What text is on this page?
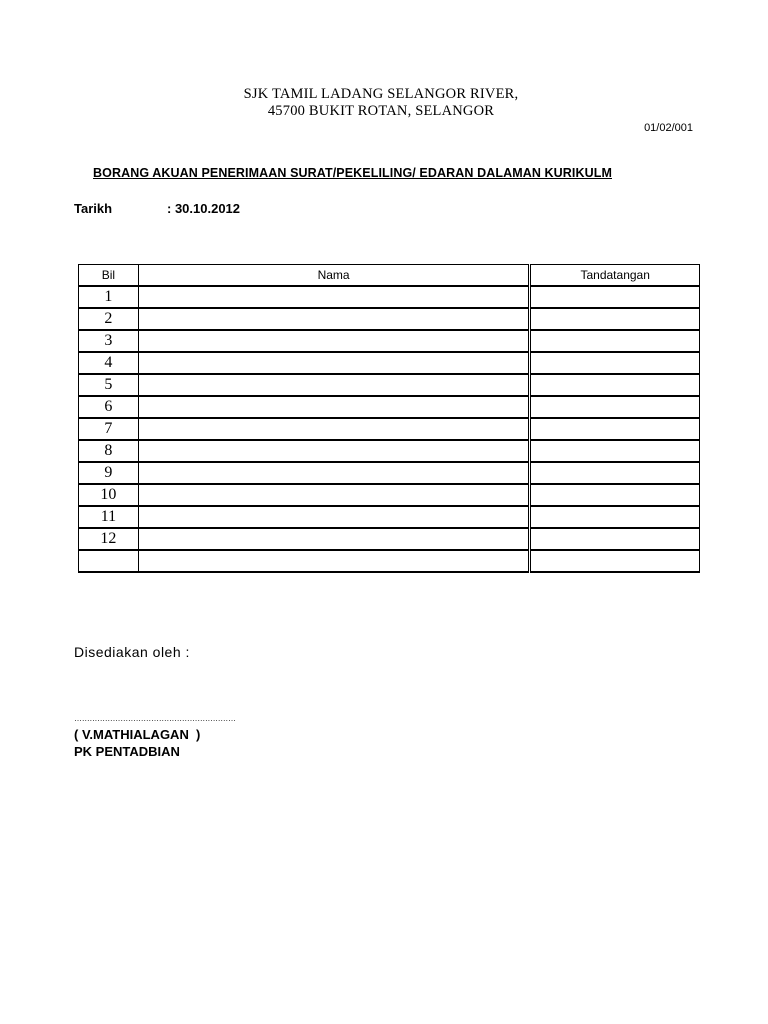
SJK TAMIL LADANG SELANGOR RIVER,
45700 BUKIT ROTAN, SELANGOR
01/02/001
BORANG AKUAN PENERIMAAN SURAT/PEKELILING/ EDARAN DALAMAN KURIKULM
Tarikh	: 30.10.2012
Bil	Nama	Tandatangan
1		
2		
3		
4		
5		
6		
7		
8		
9		
10		
11		
12		

Disediakan oleh :
………………………………………………………
( V.MATHIALAGAN  )
PK PENTADBIAN
